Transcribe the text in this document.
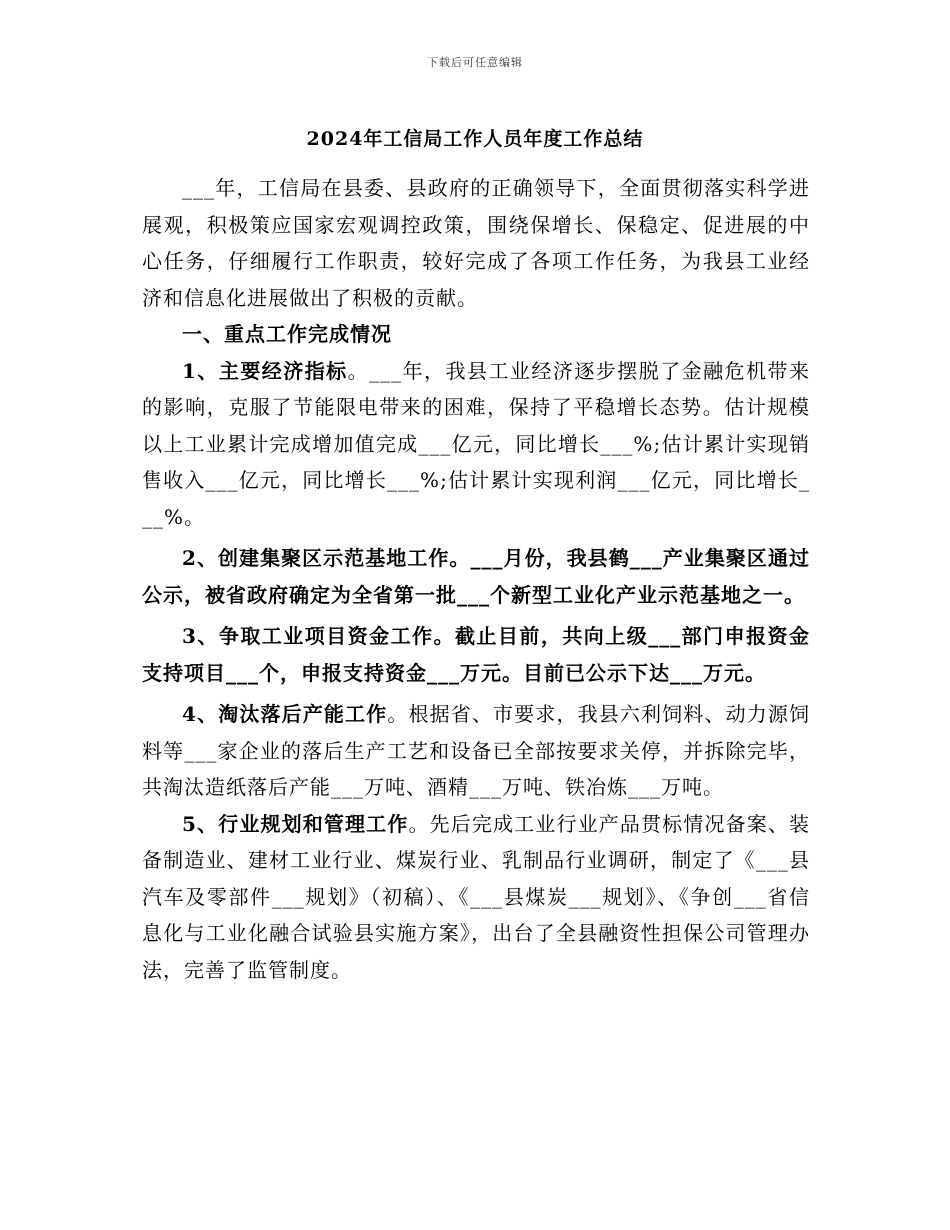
下载后可任意编辑
2024年工信局工作人员年度工作总结

___年，工信局在县委、县政府的正确领导下，全面贯彻落实科学进展观，积极策应国家宏观调控政策，围绕保增长、保稳定、促进展的中心任务，仔细履行工作职责，较好完成了各项工作任务，为我县工业经济和信息化进展做出了积极的贡献。

一、重点工作完成情况

1、主要经济指标。___年，我县工业经济逐步摆脱了金融危机带来的影响，克服了节能限电带来的困难，保持了平稳增长态势。估计规模以上工业累计完成增加值完成___亿元，同比增长___%;估计累计实现销售收入___亿元，同比增长___%;估计累计实现利润___亿元，同比增长___%。

2、创建集聚区示范基地工作。___月份，我县鹤___产业集聚区通过公示，被省政府确定为全省第一批___个新型工业化产业示范基地之一。

3、争取工业项目资金工作。截止目前，共向上级___部门申报资金支持项目___个，申报支持资金___万元。目前已公示下达___万元。

4、淘汰落后产能工作。根据省、市要求，我县六利饲料、动力源饲料等___家企业的落后生产工艺和设备已全部按要求关停，并拆除完毕，共淘汰造纸落后产能___万吨、酒精___万吨、铁冶炼___万吨。

5、行业规划和管理工作。先后完成工业行业产品贯标情况备案、装备制造业、建材工业行业、煤炭行业、乳制品行业调研，制定了《___县汽车及零部件___规划》（初稿）、《___县煤炭___规划》、《争创___省信息化与工业化融合试验县实施方案》，出台了全县融资性担保公司管理办法，完善了监管制度。
